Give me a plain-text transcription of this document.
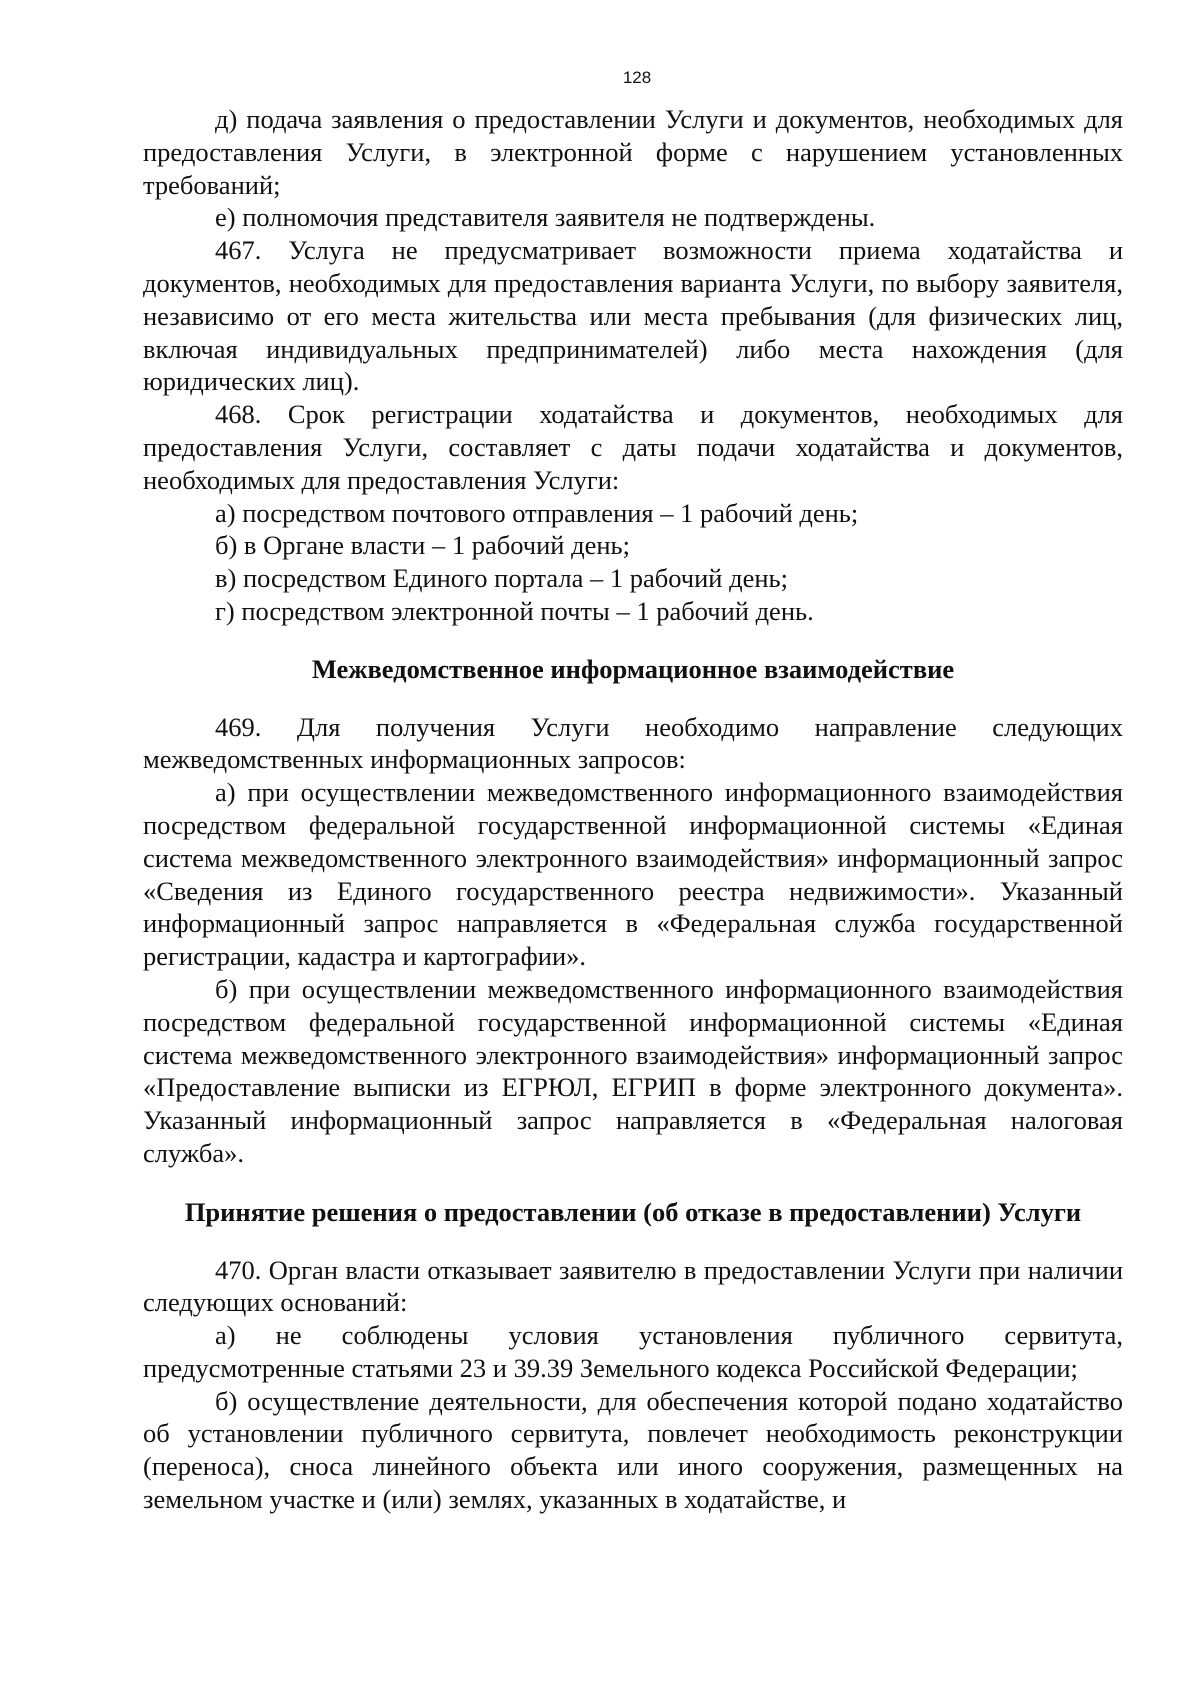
128

д) подача заявления о предоставлении Услуги и документов, необходимых для предоставления Услуги, в электронной форме с нарушением установленных требований;

е) полномочия представителя заявителя не подтверждены.

467. Услуга не предусматривает возможности приема ходатайства и документов, необходимых для предоставления варианта Услуги, по выбору заявителя, независимо от его места жительства или места пребывания (для физических лиц, включая индивидуальных предпринимателей) либо места нахождения (для юридических лиц).

468. Срок регистрации ходатайства и документов, необходимых для предоставления Услуги, составляет с даты подачи ходатайства и документов, необходимых для предоставления Услуги:

а) посредством почтового отправления – 1 рабочий день;

б) в Органе власти – 1 рабочий день;

в) посредством Единого портала – 1 рабочий день;

г) посредством электронной почты – 1 рабочий день.

Межведомственное информационное взаимодействие

469. Для получения Услуги необходимо направление следующих межведомственных информационных запросов:

а) при осуществлении межведомственного информационного взаимодействия посредством федеральной государственной информационной системы «Единая система межведомственного электронного взаимодействия» информационный запрос «Сведения из Единого государственного реестра недвижимости». Указанный информационный запрос направляется в «Федеральная служба государственной регистрации, кадастра и картографии».

б) при осуществлении межведомственного информационного взаимодействия посредством федеральной государственной информационной системы «Единая система межведомственного электронного взаимодействия» информационный запрос «Предоставление выписки из ЕГРЮЛ, ЕГРИП в форме электронного документа». Указанный информационный запрос направляется в «Федеральная налоговая служба».

Принятие решения о предоставлении (об отказе в предоставлении) Услуги

470. Орган власти отказывает заявителю в предоставлении Услуги при наличии следующих оснований:

а) не соблюдены условия установления публичного сервитута, предусмотренные статьями 23 и 39.39 Земельного кодекса Российской Федерации;

б) осуществление деятельности, для обеспечения которой подано ходатайство об установлении публичного сервитута, повлечет необходимость реконструкции (переноса), сноса линейного объекта или иного сооружения, размещенных на земельном участке и (или) землях, указанных в ходатайстве, и
